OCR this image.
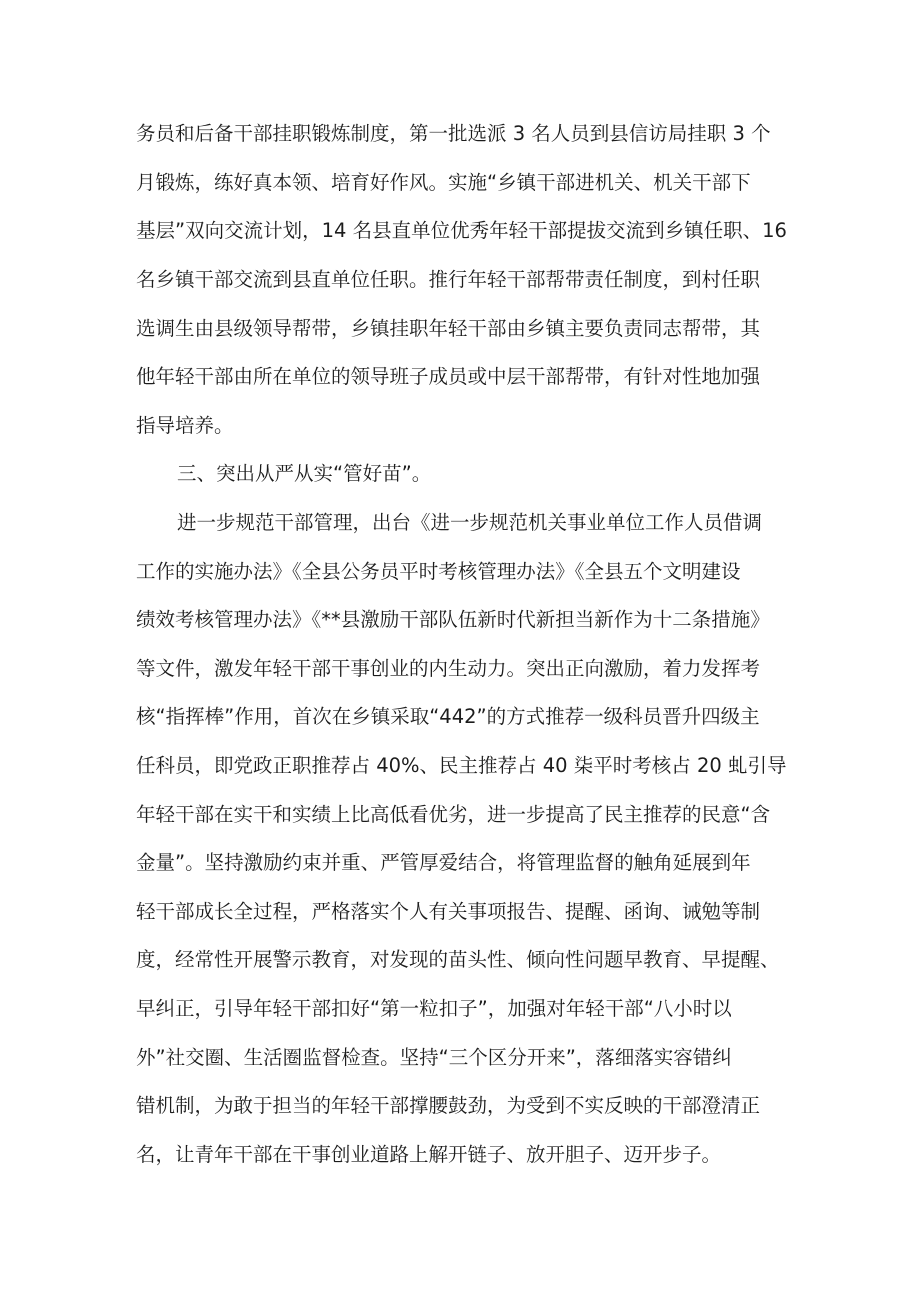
务员和后备干部挂职锻炼制度，第一批选派 3 名人员到县信访局挂职 3 个
月锻炼，练好真本领、培育好作风。实施“乡镇干部进机关、机关干部下
基层”双向交流计划，14 名县直单位优秀年轻干部提拔交流到乡镇任职、16
名乡镇干部交流到县直单位任职。推行年轻干部帮带责任制度，到村任职
选调生由县级领导帮带，乡镇挂职年轻干部由乡镇主要负责同志帮带，其
他年轻干部由所在单位的领导班子成员或中层干部帮带，有针对性地加强
指导培养。
三、突出从严从实“管好苗”。
进一步规范干部管理，出台《进一步规范机关事业单位工作人员借调
工作的实施办法》《全县公务员平时考核管理办法》《全县五个文明建设
绩效考核管理办法》《**县激励干部队伍新时代新担当新作为十二条措施》
等文件，激发年轻干部干事创业的内生动力。突出正向激励，着力发挥考
核“指挥棒”作用，首次在乡镇采取“442”的方式推荐一级科员晋升四级主
任科员，即党政正职推荐占 40%、民主推荐占 40 柒平时考核占 20 虬引导
年轻干部在实干和实绩上比高低看优劣，进一步提高了民主推荐的民意“含
金量”。坚持激励约束并重、严管厚爱结合，将管理监督的触角延展到年
轻干部成长全过程，严格落实个人有关事项报告、提醒、函询、诫勉等制
度，经常性开展警示教育，对发现的苗头性、倾向性问题早教育、早提醒、
早纠正，引导年轻干部扣好“第一粒扣子”，加强对年轻干部“八小时以
外”社交圈、生活圈监督检查。坚持“三个区分开来”，落细落实容错纠
错机制，为敢于担当的年轻干部撑腰鼓劲，为受到不实反映的干部澄清正
名，让青年干部在干事创业道路上解开链子、放开胆子、迈开步子。
